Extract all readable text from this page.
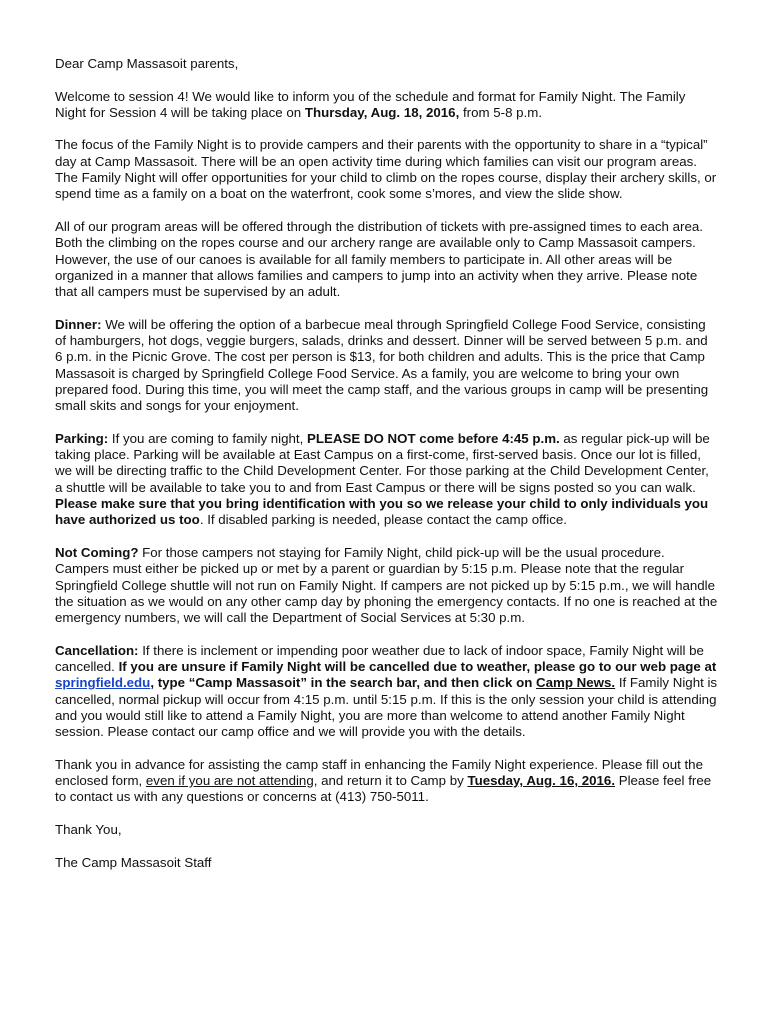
Dear Camp Massasoit parents,

Welcome to session 4! We would like to inform you of the schedule and format for Family Night. The Family Night for Session 4 will be taking place on Thursday, Aug. 18, 2016, from 5-8 p.m.

The focus of the Family Night is to provide campers and their parents with the opportunity to share in a “typical” day at Camp Massasoit. There will be an open activity time during which families can visit our program areas. The Family Night will offer opportunities for your child to climb on the ropes course, display their archery skills, or spend time as a family on a boat on the waterfront, cook some s’mores, and view the slide show.

All of our program areas will be offered through the distribution of tickets with pre-assigned times to each area. Both the climbing on the ropes course and our archery range are available only to Camp Massasoit campers. However, the use of our canoes is available for all family members to participate in. All other areas will be organized in a manner that allows families and campers to jump into an activity when they arrive. Please note that all campers must be supervised by an adult.

Dinner: We will be offering the option of a barbecue meal through Springfield College Food Service, consisting of hamburgers, hot dogs, veggie burgers, salads, drinks and dessert. Dinner will be served between 5 p.m. and 6 p.m. in the Picnic Grove. The cost per person is $13, for both children and adults. This is the price that Camp Massasoit is charged by Springfield College Food Service. As a family, you are welcome to bring your own prepared food. During this time, you will meet the camp staff, and the various groups in camp will be presenting small skits and songs for your enjoyment.

Parking: If you are coming to family night, PLEASE DO NOT come before 4:45 p.m. as regular pick-up will be taking place. Parking will be available at East Campus on a first-come, first-served basis. Once our lot is filled, we will be directing traffic to the Child Development Center. For those parking at the Child Development Center, a shuttle will be available to take you to and from East Campus or there will be signs posted so you can walk. Please make sure that you bring identification with you so we release your child to only individuals you have authorized us too. If disabled parking is needed, please contact the camp office.

Not Coming? For those campers not staying for Family Night, child pick-up will be the usual procedure. Campers must either be picked up or met by a parent or guardian by 5:15 p.m. Please note that the regular Springfield College shuttle will not run on Family Night. If campers are not picked up by 5:15 p.m., we will handle the situation as we would on any other camp day by phoning the emergency contacts. If no one is reached at the emergency numbers, we will call the Department of Social Services at 5:30 p.m.

Cancellation: If there is inclement or impending poor weather due to lack of indoor space, Family Night will be cancelled. If you are unsure if Family Night will be cancelled due to weather, please go to our web page at springfield.edu, type “Camp Massasoit” in the search bar, and then click on Camp News. If Family Night is cancelled, normal pickup will occur from 4:15 p.m. until 5:15 p.m. If this is the only session your child is attending and you would still like to attend a Family Night, you are more than welcome to attend another Family Night session. Please contact our camp office and we will provide you with the details.

Thank you in advance for assisting the camp staff in enhancing the Family Night experience. Please fill out the enclosed form, even if you are not attending, and return it to Camp by Tuesday, Aug. 16, 2016. Please feel free to contact us with any questions or concerns at (413) 750-5011.

Thank You,

The Camp Massasoit Staff
